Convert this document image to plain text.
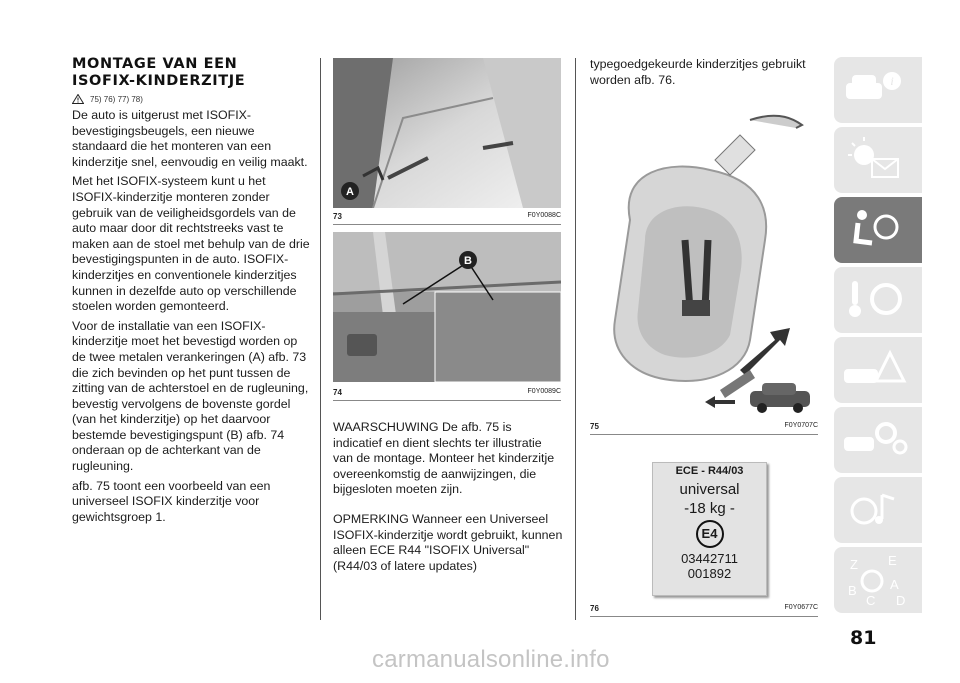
MONTAGE VAN EEN
ISOFIX-KINDERZITJE
75) 76) 77) 78)

De auto is uitgerust met ISOFIX-bevestigingsbeugels, een nieuwe standaard die het monteren van een kinderzitje snel, eenvoudig en veilig maakt.

Met het ISOFIX-systeem kunt u het ISOFIX-kinderzitje monteren zonder gebruik van de veiligheidsgordels van de auto maar door dit rechtstreeks vast te maken aan de stoel met behulp van de drie bevestigingspunten in de auto. ISOFIX-kinderzitjes en conventionele kinderzitjes kunnen in dezelfde auto op verschillende stoelen worden gemonteerd.

Voor de installatie van een ISOFIX-kinderzitje moet het bevestigd worden op de twee metalen verankeringen (A) afb. 73 die zich bevinden op het punt tussen de zitting van de achterstoel en de rugleuning, bevestig vervolgens de bovenste gordel (van het kinderzitje) op het daarvoor bestemde bevestigingspunt (B) afb. 74 onderaan op de achterkant van de rugleuning.

afb. 75 toont een voorbeeld van een universeel ISOFIX kinderzitje voor gewichtsgroep 1.

A
73	F0Y0088C
B
74	F0Y0089C

WAARSCHUWING De afb. 75 is indicatief en dient slechts ter illustratie van de montage. Monteer het kinderzitje overeenkomstig de aanwijzingen, die bijgesloten moeten zijn.

OPMERKING Wanneer een Universeel ISOFIX-kinderzitje wordt gebruikt, kunnen alleen ECE R44 "ISOFIX Universal" (R44/03 of latere updates)

typegoedgekeurde kinderzitjes gebruikt worden afb. 76.

75	F0Y0707C
ECE - R44/03
universal
-18 kg -
E4
03442711
001892
76	F0Y0677C
i
Z E
B	A
C D
81
carmanualsonline.info
